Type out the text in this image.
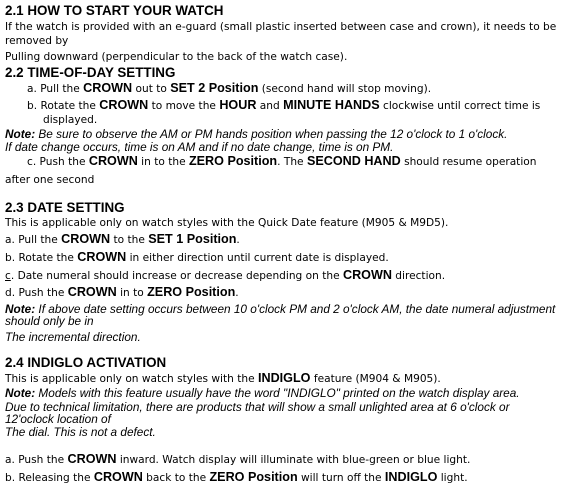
2.1 HOW TO START YOUR WATCH
If the watch is provided with an e-guard (small plastic inserted between case and crown), it needs to be
removed by
Pulling downward (perpendicular to the back of the watch case).
2.2 TIME-OF-DAY SETTING
a. Pull the CROWN out to SET 2 Position (second hand will stop moving).
b. Rotate the CROWN to move the HOUR and MINUTE HANDS clockwise until correct time is
displayed.
Note: Be sure to observe the AM or PM hands position when passing the 12 o'clock to 1 o'clock.
If date change occurs, time is on AM and if no date change, time is on PM.
c. Push the CROWN in to the ZERO Position. The SECOND HAND should resume operation
after one second
2.3 DATE SETTING
This is applicable only on watch styles with the Quick Date feature (M905 & M9D5).
a. Pull the CROWN to the SET 1 Position.
b. Rotate the CROWN in either direction until current date is displayed.
c. Date numeral should increase or decrease depending on the CROWN direction.
d. Push the CROWN in to ZERO Position.
Note: If above date setting occurs between 10 o'clock PM and 2 o'clock AM, the date numeral adjustment
should only be in
The incremental direction.
2.4 INDIGLO ACTIVATION
This is applicable only on watch styles with the INDIGLO feature (M904 & M905).
Note: Models with this feature usually have the word "INDIGLO" printed on the watch display area.
Due to technical limitation, there are products that will show a small unlighted area at 6 o'clock or
12'oclock location of
The dial. This is not a defect.
a. Push the CROWN inward. Watch display will illuminate with blue-green or blue light.
b. Releasing the CROWN back to the ZERO Position will turn off the INDIGLO light.
